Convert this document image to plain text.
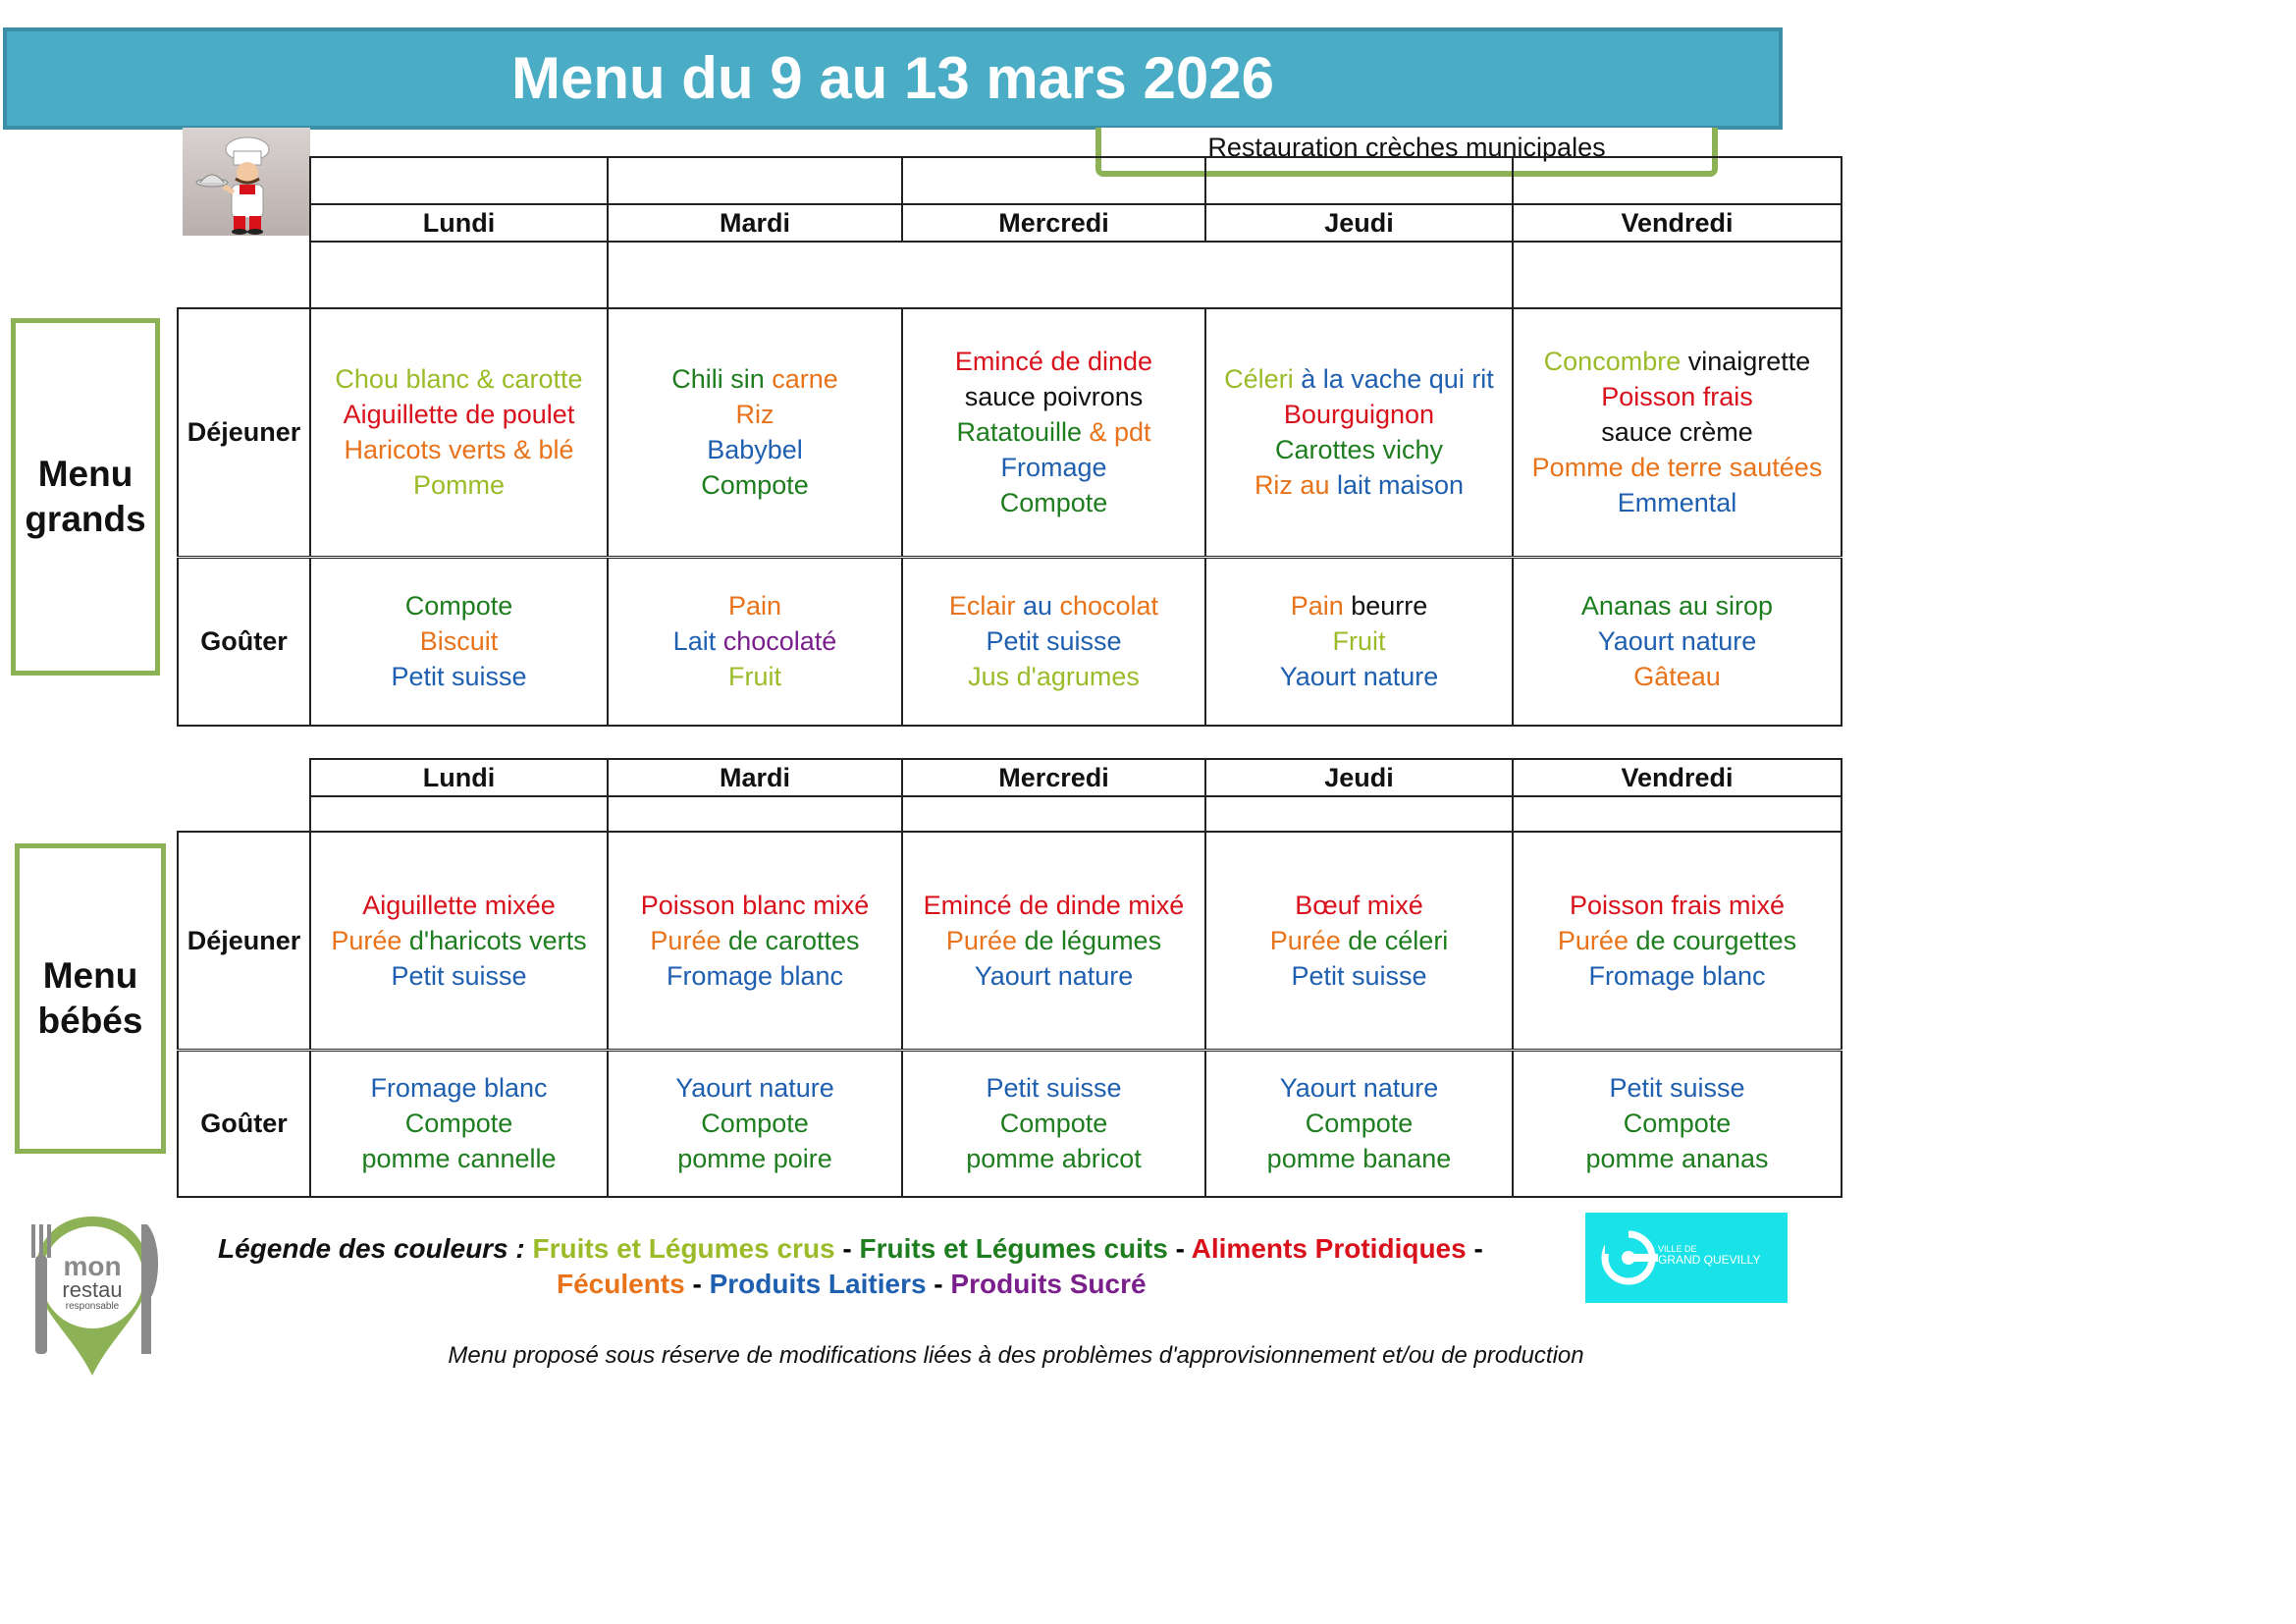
Menu du 9 au 13 mars 2026
Restauration crèches municipales
Menu
grands
Menu
bébés

	Lundi	Mardi	Mercredi	Jeudi	Vendredi

Déjeuner	Chou blanc & carotte
Aiguillette de poulet
Haricots verts & blé
Pomme	Chili sin carne
Riz
Babybel
Compote	Emincé de dinde
sauce poivrons
Ratatouille & pdt
Fromage
Compote	Céleri à la vache qui rit
Bourguignon
Carottes vichy
Riz au lait maison	Concombre vinaigrette
Poisson frais
sauce crème
Pomme de terre sautées
Emmental

Goûter	Compote
Biscuit
Petit suisse	Pain
Lait chocolaté
Fruit	Eclair au chocolat
Petit suisse
Jus d'agrumes	Pain beurre
Fruit
Yaourt nature	Ananas au sirop
Yaourt nature
Gâteau
	Lundi	Mardi	Mercredi	Jeudi	Vendredi

Déjeuner	Aiguillette mixée
Purée d'haricots verts
Petit suisse	Poisson blanc mixé
Purée de carottes
Fromage blanc	Emincé de dinde mixé
Purée de légumes
Yaourt nature	Bœuf mixé
Purée de céleri
Petit suisse	Poisson frais mixé
Purée de courgettes
Fromage blanc

Goûter	Fromage blanc
Compote
pomme cannelle	Yaourt nature
Compote
pomme poire	Petit suisse
Compote
pomme abricot	Yaourt nature
Compote
pomme banane	Petit suisse
Compote
pomme ananas
Légende des couleurs : Fruits et Légumes crus - Fruits et Légumes cuits - Aliments Protidiques -
Féculents - Produits Laitiers - Produits Sucré
Menu proposé sous réserve de modifications liées à des problèmes d'approvisionnement et/ou de production
mon
restau
responsable
VILLE DE
GRAND QUEVILLY
